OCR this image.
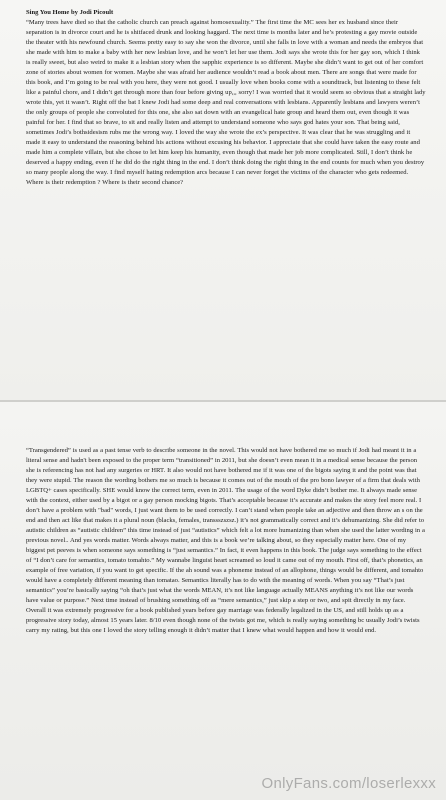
Sing You Home by Jodi Picoult

“Many trees have died so that the catholic church can preach against homosexuality.” The first time the MC sees her ex husband since their separation is in divorce court and he is shitfaced drunk and looking haggard. The next time is months later and he’s protesting a gay movie outside the theater with his newfound church. Seems pretty easy to say she won the divorce, until she falls in love with a woman and needs the embryos that she made with him to make a baby with her new lesbian love, and he won’t let her use them. Jodi says she wrote this for her gay son, which I think is really sweet, but also weird to make it a lesbian story when the sapphic experience is so different. Maybe she didn’t want to get out of her comfort zone of stories about women for women. Maybe she was afraid her audience wouldn’t read a book about men. There are songs that were made for this book, and I’m going to be real with you here, they were not good. I usually love when books come with a soundtrack, but listening to these felt like a painful chore, and I didn’t get through more than four before giving up,,, sorry! I was worried that it would seem so obvious that a straight lady wrote this, yet it wasn’t. Right off the bat I knew Jodi had some deep and real conversations with lesbians. Apparently lesbians and lawyers weren’t the only groups of people she convoluted for this one, she also sat down with an evangelical hate group and heard them out, even though it was painful for her. I find that so brave, to sit and really listen and attempt to understand someone who says god hates your son. That being said, sometimes Jodi’s bothsidesism rubs me the wrong way. I loved the way she wrote the ex’s perspective. It was clear that he was struggling and it made it easy to understand the reasoning behind his actions without excusing his behavior. I appreciate that she could have taken the easy route and made him a complete villain, but she chose to let him keep his humanity, even though that made her job more complicated. Still, I don’t think he deserved a happy ending, even if he did do the right thing in the end. I don’t think doing the right thing in the end counts for much when you destroy so many people along the way. I find myself hating redemption arcs because I can never forget the victims of the character who gets redeemed. Where is their redemption ? Where is their second chance?

“Transgendered” is used as a past tense verb to describe someone in the novel. This would not have bothered me so much if Jodi had meant it in a literal sense and hadn't been exposed to the proper term “transitioned” in 2011, but she doesn’t even mean it in a medical sense because the person she is referencing has not had any surgeries or HRT. It also would not have bothered me if it was one of the bigots saying it and the point was that they were stupid. The reason the wording bothers me so much is because it comes out of the mouth of the pro bono lawyer of a firm that deals with LGBTQ+ cases specifically. SHE would know the correct term, even in 2011. The usage of the word Dyke didn’t bother me. It always made sense with the context, either used by a bigot or a gay person mocking bigots. That’s acceptable because it’s accurate and makes the story feel more real. I don’t have a problem with "bad" words, I just want them to be used correctly. I can’t stand when people take an adjective and then throw an s on the end and then act like that makes it a plural noun (blacks, females, transsszszsz.) it’s not grammatically correct and it’s dehumanizing. She did refer to autistic children as “autistic children” this time instead of just “autistics” which felt a lot more humanizing than when she used the latter wording in a previous novel.. And yes words matter. Words always matter, and this is a book we’re talking about, so they especially matter here. One of my biggest pet peeves is when someone says something is “just semantics.” In fact, it even happens in this book. The judge says something to the effect of “I don’t care for semantics, tomato tomahto.” My wannabe linguist heart screamed so loud it came out of my mouth. First off, that’s phonetics, an example of free variation, if you want to get specific. If the ah sound was a phoneme instead of an allophone, things would be different, and tomahto would have a completely different meaning than tomatao. Semantics literally has to do with the meaning of words. When you say “That’s just semantics” you’re basically saying “oh that’s just what the words MEAN, it’s not like language actually MEANS anything it’s not like our words have value or purpose.” Next time instead of brushing something off as “mere semantics,” just skip a step or two, and spit directly in my face. Overall it was extremely progressive for a book published years before gay marriage was federally legalized in the US, and still holds up as a progressive story today, almost 15 years later. 8/10 even though none of the twists got me, which is really saying something bc usually Jodi’s twists carry my rating, but this one I loved the story telling enough it didn’t matter that I knew what would happen and how it would end.

OnlyFans.com/loserlexxx
